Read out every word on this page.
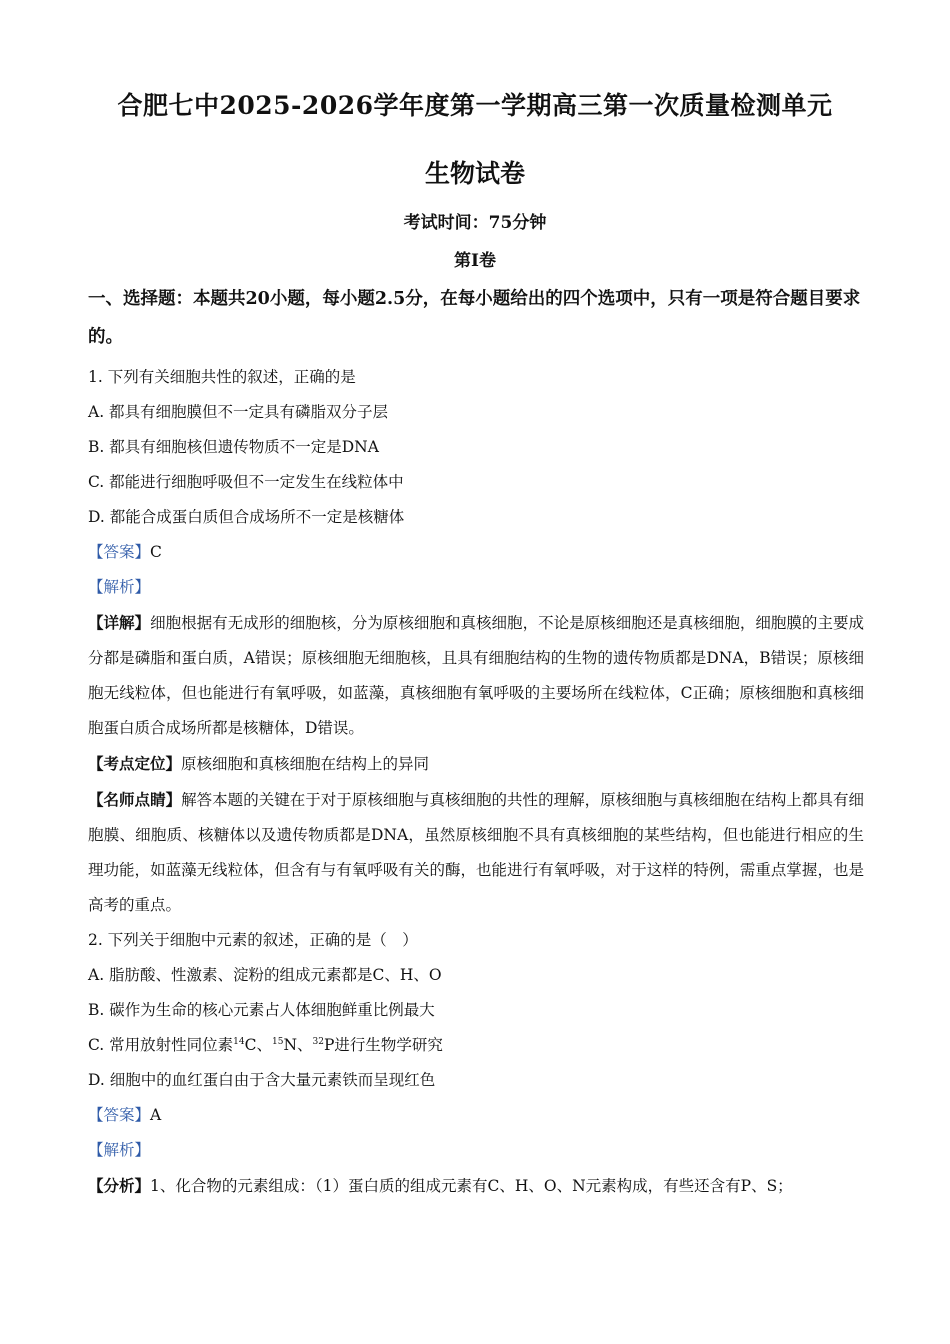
合肥七中2025-2026学年度第一学期高三第一次质量检测单元
生物试卷
考试时间：75分钟
第I卷
一、选择题：本题共20小题，每小题2.5分，在每小题给出的四个选项中，只有一项是符合题目要求的。
1. 下列有关细胞共性的叙述，正确的是
A. 都具有细胞膜但不一定具有磷脂双分子层
B. 都具有细胞核但遗传物质不一定是DNA
C. 都能进行细胞呼吸但不一定发生在线粒体中
D. 都能合成蛋白质但合成场所不一定是核糖体
【答案】C
【解析】
【详解】细胞根据有无成形的细胞核，分为原核细胞和真核细胞，不论是原核细胞还是真核细胞，细胞膜的主要成分都是磷脂和蛋白质，A错误；原核细胞无细胞核，且具有细胞结构的生物的遗传物质都是DNA，B错误；原核细胞无线粒体，但也能进行有氧呼吸，如蓝藻，真核细胞有氧呼吸的主要场所在线粒体，C正确；原核细胞和真核细胞蛋白质合成场所都是核糖体，D错误。
【考点定位】原核细胞和真核细胞在结构上的异同
【名师点睛】解答本题的关键在于对于原核细胞与真核细胞的共性的理解，原核细胞与真核细胞在结构上都具有细胞膜、细胞质、核糖体以及遗传物质都是DNA，虽然原核细胞不具有真核细胞的某些结构，但也能进行相应的生理功能，如蓝藻无线粒体，但含有与有氧呼吸有关的酶，也能进行有氧呼吸，对于这样的特例，需重点掌握，也是高考的重点。
2. 下列关于细胞中元素的叙述，正确的是（　）
A. 脂肪酸、性激素、淀粉的组成元素都是C、H、O
B. 碳作为生命的核心元素占人体细胞鲜重比例最大
C. 常用放射性同位素$^{14}$C、$^{15}$N、$^{32}$P进行生物学研究
D. 细胞中的血红蛋白由于含大量元素铁而呈现红色
【答案】A
【解析】
【分析】1、化合物的元素组成：（1）蛋白质的组成元素有C、H、O、N元素构成，有些还含有P、S；
